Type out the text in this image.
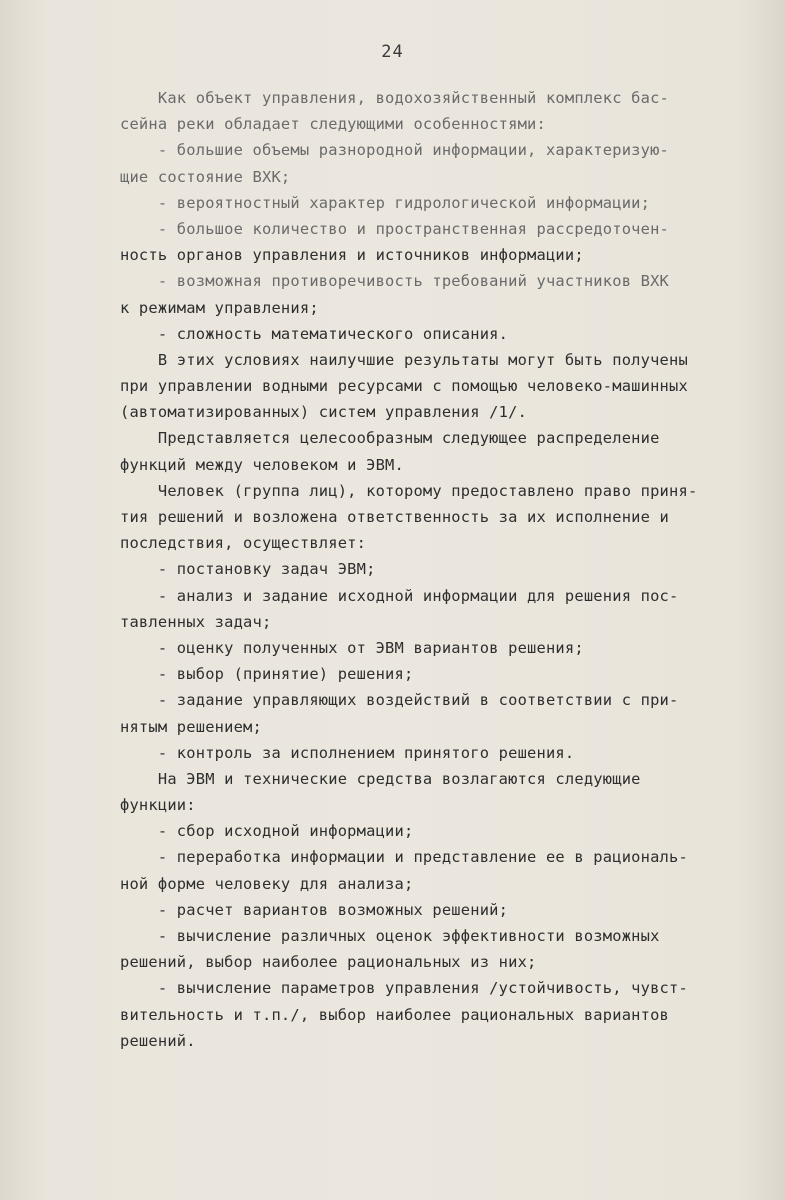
24
Как объект управления, водохозяйственный комплекс бас-
сейна реки обладает следующими особенностями:
- большие объемы разнородной информации, характеризую-
щие состояние ВХК;
- вероятностный характер гидрологической информации;
- большое количество и пространственная рассредоточен-
ность органов управления и источников информации;
- возможная противоречивость требований участников ВХК
к режимам управления;
- сложность математического описания.
В этих условиях наилучшие результаты могут быть получены
при управлении водными ресурсами с помощью человеко-машинных
(автоматизированных) систем управления /1/.
Представляется целесообразным следующее распределение
функций между человеком и ЭВМ.
Человек (группа лиц), которому предоставлено право приня-
тия решений и возложена ответственность за их исполнение и
последствия, осуществляет:
- постановку задач ЭВМ;
- анализ и задание исходной информации для решения пос-
тавленных задач;
- оценку полученных от ЭВМ вариантов решения;
- выбор (принятие) решения;
- задание управляющих воздействий в соответствии с при-
нятым решением;
- контроль за исполнением принятого решения.
На ЭВМ и технические средства возлагаются следующие
функции:
- сбор исходной информации;
- переработка информации и представление ее в рациональ-
ной форме человеку для анализа;
- расчет вариантов возможных решений;
- вычисление различных оценок эффективности возможных
решений, выбор наиболее рациональных из них;
- вычисление параметров управления /устойчивость, чувст-
вительность и т.п./, выбор наиболее рациональных вариантов
решений.
